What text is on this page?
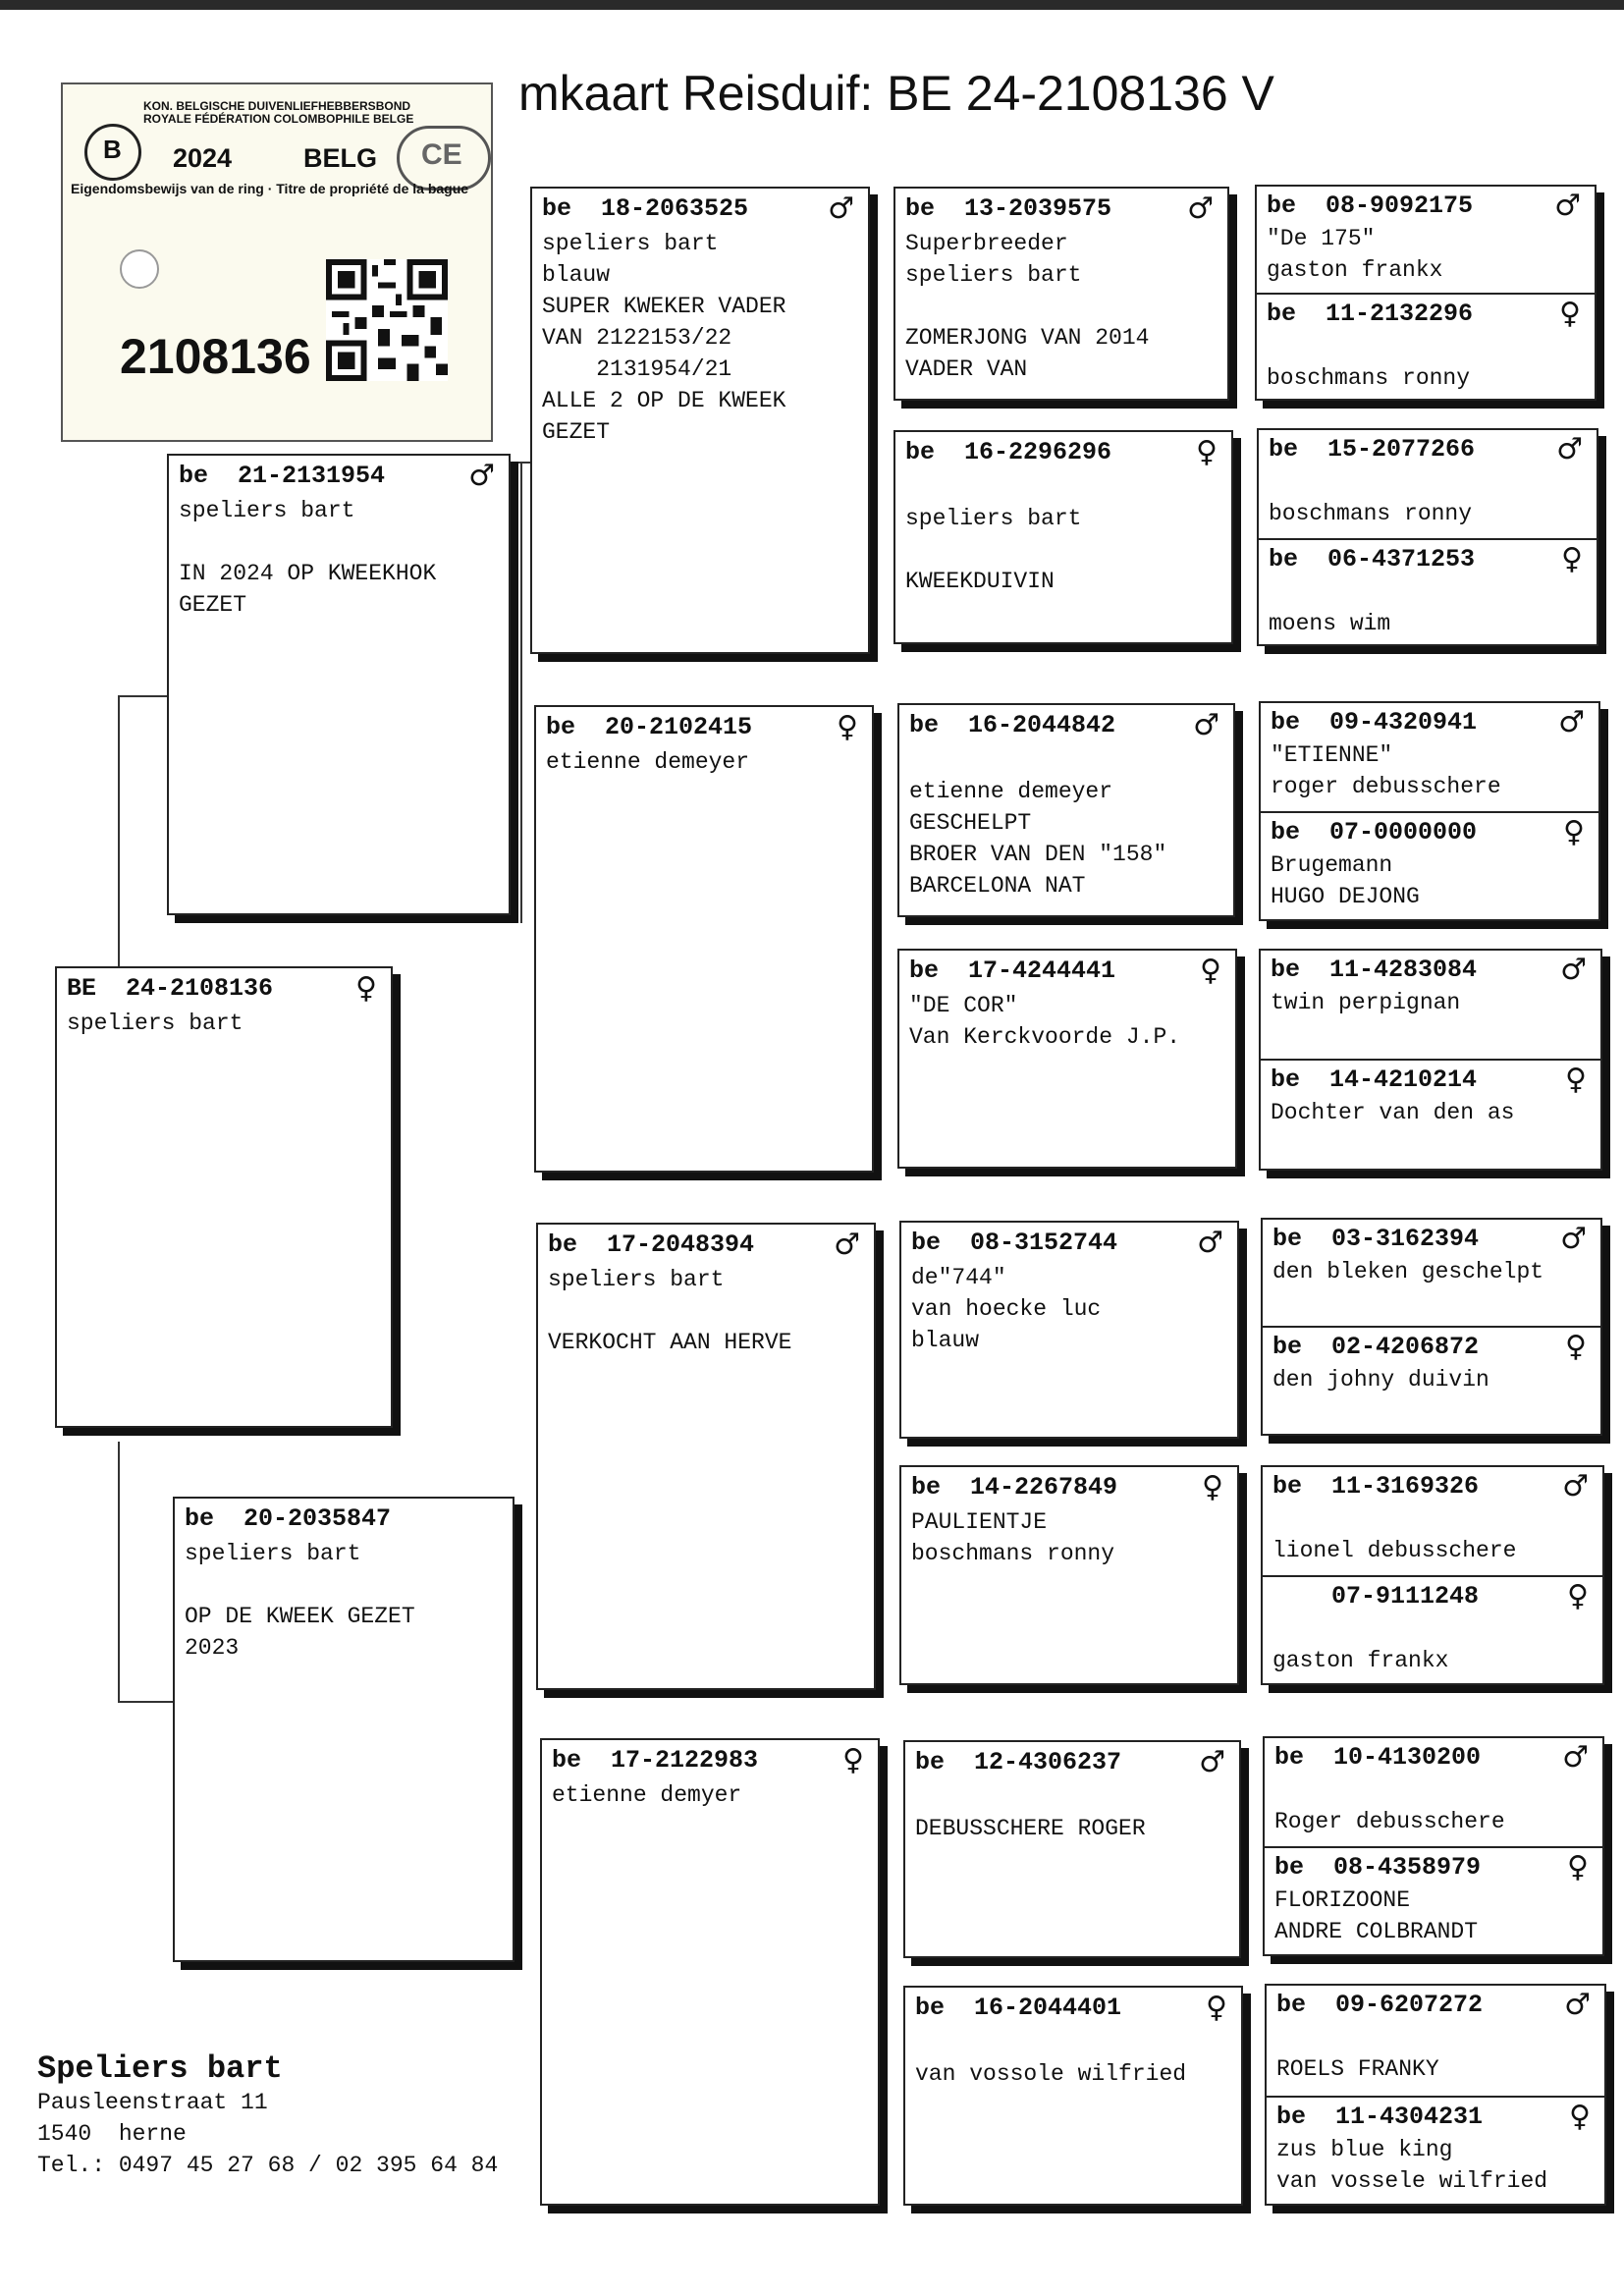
mkaart Reisduif: BE 24-2108136 V
B
KON. BELGISCHE DUIVENLIEFHEBBERSBOND
ROYALE FÉDÉRATION COLOMBOPHILE BELGE
CE
2024	BELG
Eigendomsbewijs van de ring · Titre de propriété de la bague
2108136
BE 24-2108136	♀
speliers bart
be 21-2131954	♂
speliers bart
IN 2024 OP KWEEKHOK
GEZET
be 20-2035847
speliers bart
OP DE KWEEK GEZET
2023
be 18-2063525	♂
speliers bart
blauw
SUPER KWEKER VADER
VAN 2122153/22
2131954/21
ALLE 2 OP DE KWEEK
GEZET
be 20-2102415	♀
etienne demeyer
be 17-2048394	♂
speliers bart
VERKOCHT AAN HERVE
be 17-2122983	♀
etienne demyer
be 13-2039575	♂
Superbreeder
speliers bart
ZOMERJONG VAN 2014
VADER VAN
be 16-2296296	♀
speliers bart
KWEEKDUIVIN
be 16-2044842	♂
etienne demeyer
GESCHELPT
BROER VAN DEN "158"
BARCELONA NAT
be 17-4244441	♀
"DE COR"
Van Kerckvoorde J.P.
be 08-3152744	♂
de"744"
van hoecke luc
blauw
be 14-2267849	♀
PAULIENTJE
boschmans ronny
be 12-4306237	♂
DEBUSSCHERE ROGER
be 16-2044401	♀
van vossole wilfried
be 08-9092175	♂
"De 175"
gaston frankx
be 11-2132296	♀
boschmans ronny
be 15-2077266	♂
boschmans ronny
be 06-4371253	♀
moens wim
be 09-4320941	♂
"ETIENNE"
roger debusschere
be 07-0000000	♀
Brugemann
HUGO DEJONG
be 11-4283084	♂
twin perpignan
be 14-4210214	♀
Dochter van den as
be 03-3162394	♂
den bleken geschelpt
be 02-4206872	♀
den johny duivin
be 11-3169326	♂
lionel debusschere
07-9111248	♀
gaston frankx
be 10-4130200	♂
Roger debusschere
be 08-4358979	♀
FLORIZOONE
ANDRE COLBRANDT
be 09-6207272	♂
ROELS FRANKY
be 11-4304231	♀
zus blue king
van vossele wilfried
Speliers bart
Pausleenstraat 11
1540  herne
Tel.: 0497 45 27 68 / 02 395 64 84
